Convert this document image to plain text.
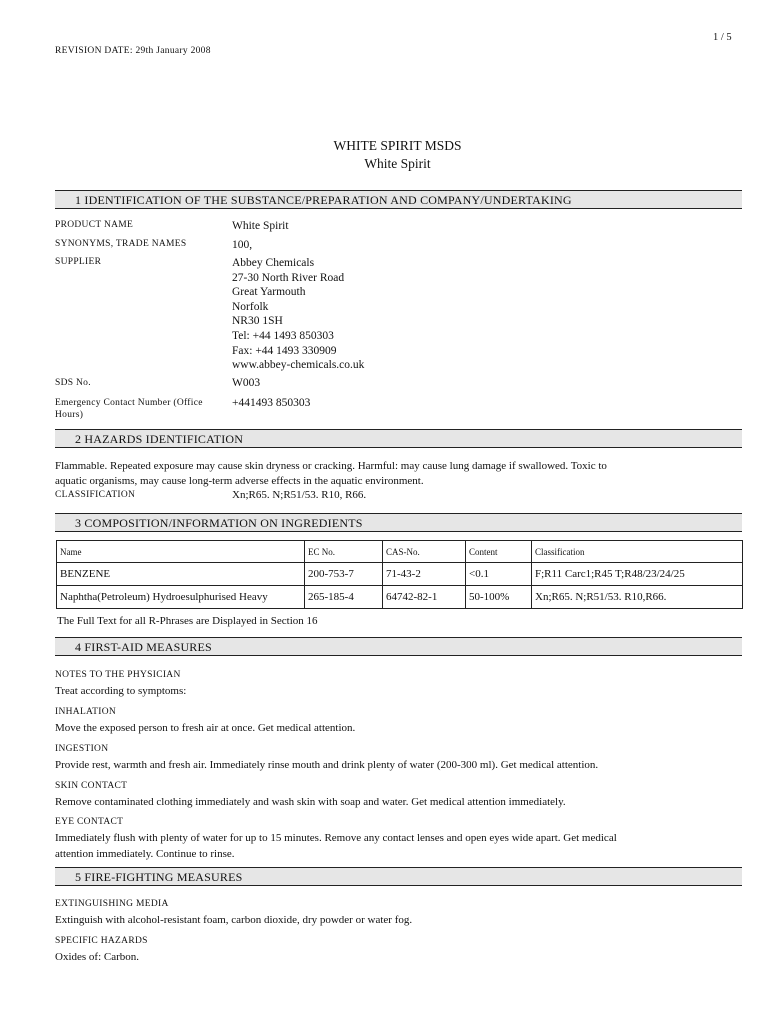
1 / 5
REVISION DATE: 29th January 2008
WHITE SPIRIT MSDS
White Spirit
1 IDENTIFICATION OF THE SUBSTANCE/PREPARATION AND COMPANY/UNDERTAKING
PRODUCT NAME	White Spirit
SYNONYMS, TRADE NAMES	100,
SUPPLIER	Abbey Chemicals
27-30 North River Road
Great Yarmouth
Norfolk
NR30 1SH
Tel: +44 1493 850303
Fax: +44 1493 330909
www.abbey-chemicals.co.uk
SDS No.	W003
Emergency Contact Number (Office Hours)
+441493 850303
2 HAZARDS IDENTIFICATION
Flammable. Repeated exposure may cause skin dryness or cracking. Harmful: may cause lung damage if swallowed. Toxic to
aquatic organisms, may cause long-term adverse effects in the aquatic environment.
CLASSIFICATION	Xn;R65. N;R51/53. R10, R66.
3 COMPOSITION/INFORMATION ON INGREDIENTS
Name	EC No.	CAS-No.	Content	Classification
BENZENE	200-753-7	71-43-2	<0.1	F;R11 Carc1;R45 T;R48/23/24/25
Naphtha(Petroleum) Hydroesulphurised Heavy	265-185-4	64742-82-1	50-100%	Xn;R65. N;R51/53. R10,R66.
The Full Text for all R-Phrases are Displayed in Section 16
4 FIRST-AID MEASURES
NOTES TO THE PHYSICIAN
Treat according to symptoms:
INHALATION
Move the exposed person to fresh air at once. Get medical attention.
INGESTION
Provide rest, warmth and fresh air. Immediately rinse mouth and drink plenty of water (200-300 ml). Get medical attention.
SKIN CONTACT
Remove contaminated clothing immediately and wash skin with soap and water. Get medical attention immediately.
EYE CONTACT
Immediately flush with plenty of water for up to 15 minutes. Remove any contact lenses and open eyes wide apart. Get medical
attention immediately. Continue to rinse.
5 FIRE-FIGHTING MEASURES
EXTINGUISHING MEDIA
Extinguish with alcohol-resistant foam, carbon dioxide, dry powder or water fog.
SPECIFIC HAZARDS
Oxides of: Carbon.
